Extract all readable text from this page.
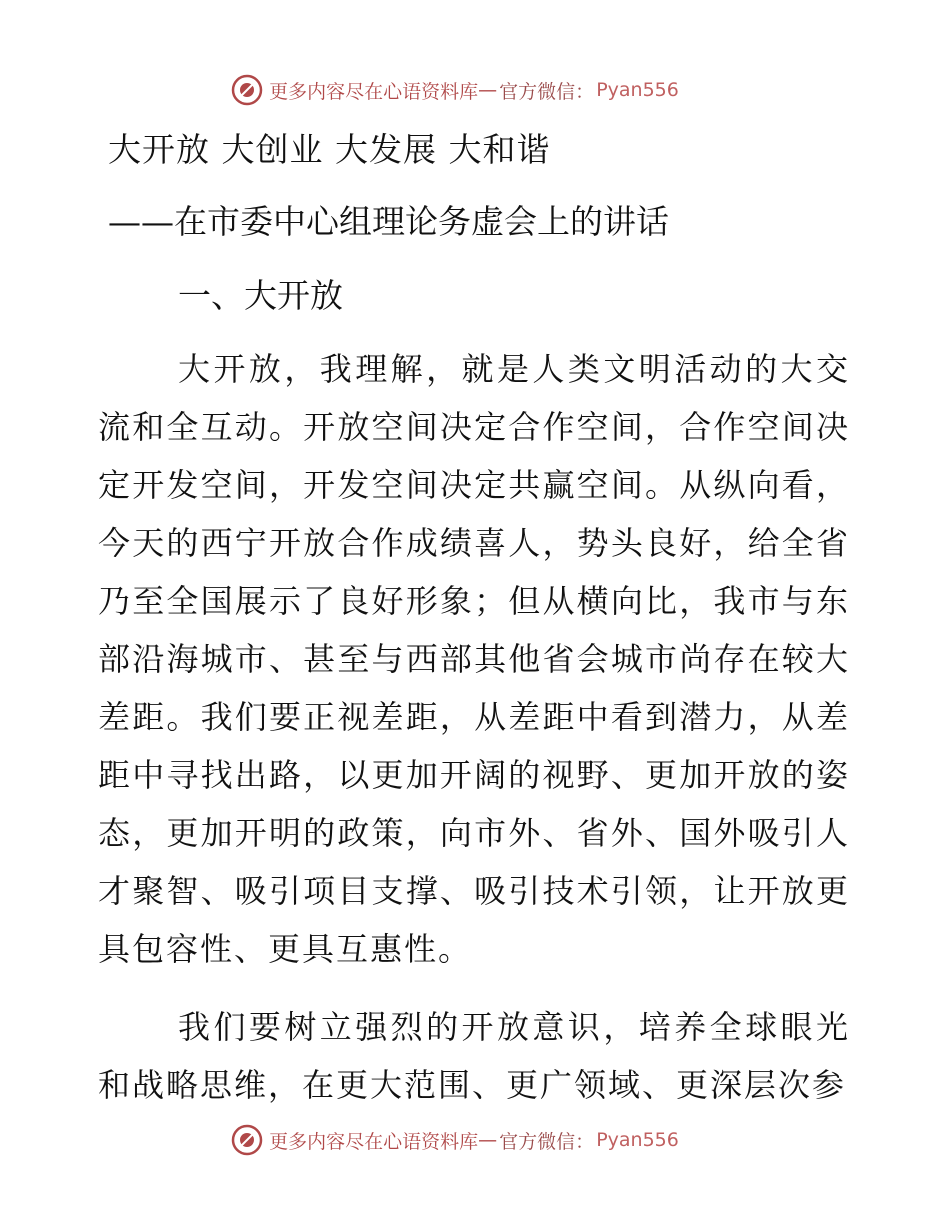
更多内容尽在心语资料库 — 官方微信： Pyan556
大开放 大创业 大发展 大和谐
——在市委中心组理论务虚会上的讲话
一、大开放

大开放，我理解，就是人类文明活动的大交流和全互动。开放空间决定合作空间，合作空间决定开发空间，开发空间决定共赢空间。从纵向看，今天的西宁开放合作成绩喜人，势头良好，给全省乃至全国展示了良好形象；但从横向比，我市与东部沿海城市、甚至与西部其他省会城市尚存在较大差距。我们要正视差距，从差距中看到潜力，从差距中寻找出路，以更加开阔的视野、更加开放的姿态，更加开明的政策，向市外、省外、国外吸引人才聚智、吸引项目支撑、吸引技术引领，让开放更具包容性、更具互惠性。

我们要树立强烈的开放意识，培养全球眼光和战略思维，在更大范围、更广领域、更深层次参

更多内容尽在心语资料库 — 官方微信： Pyan556
